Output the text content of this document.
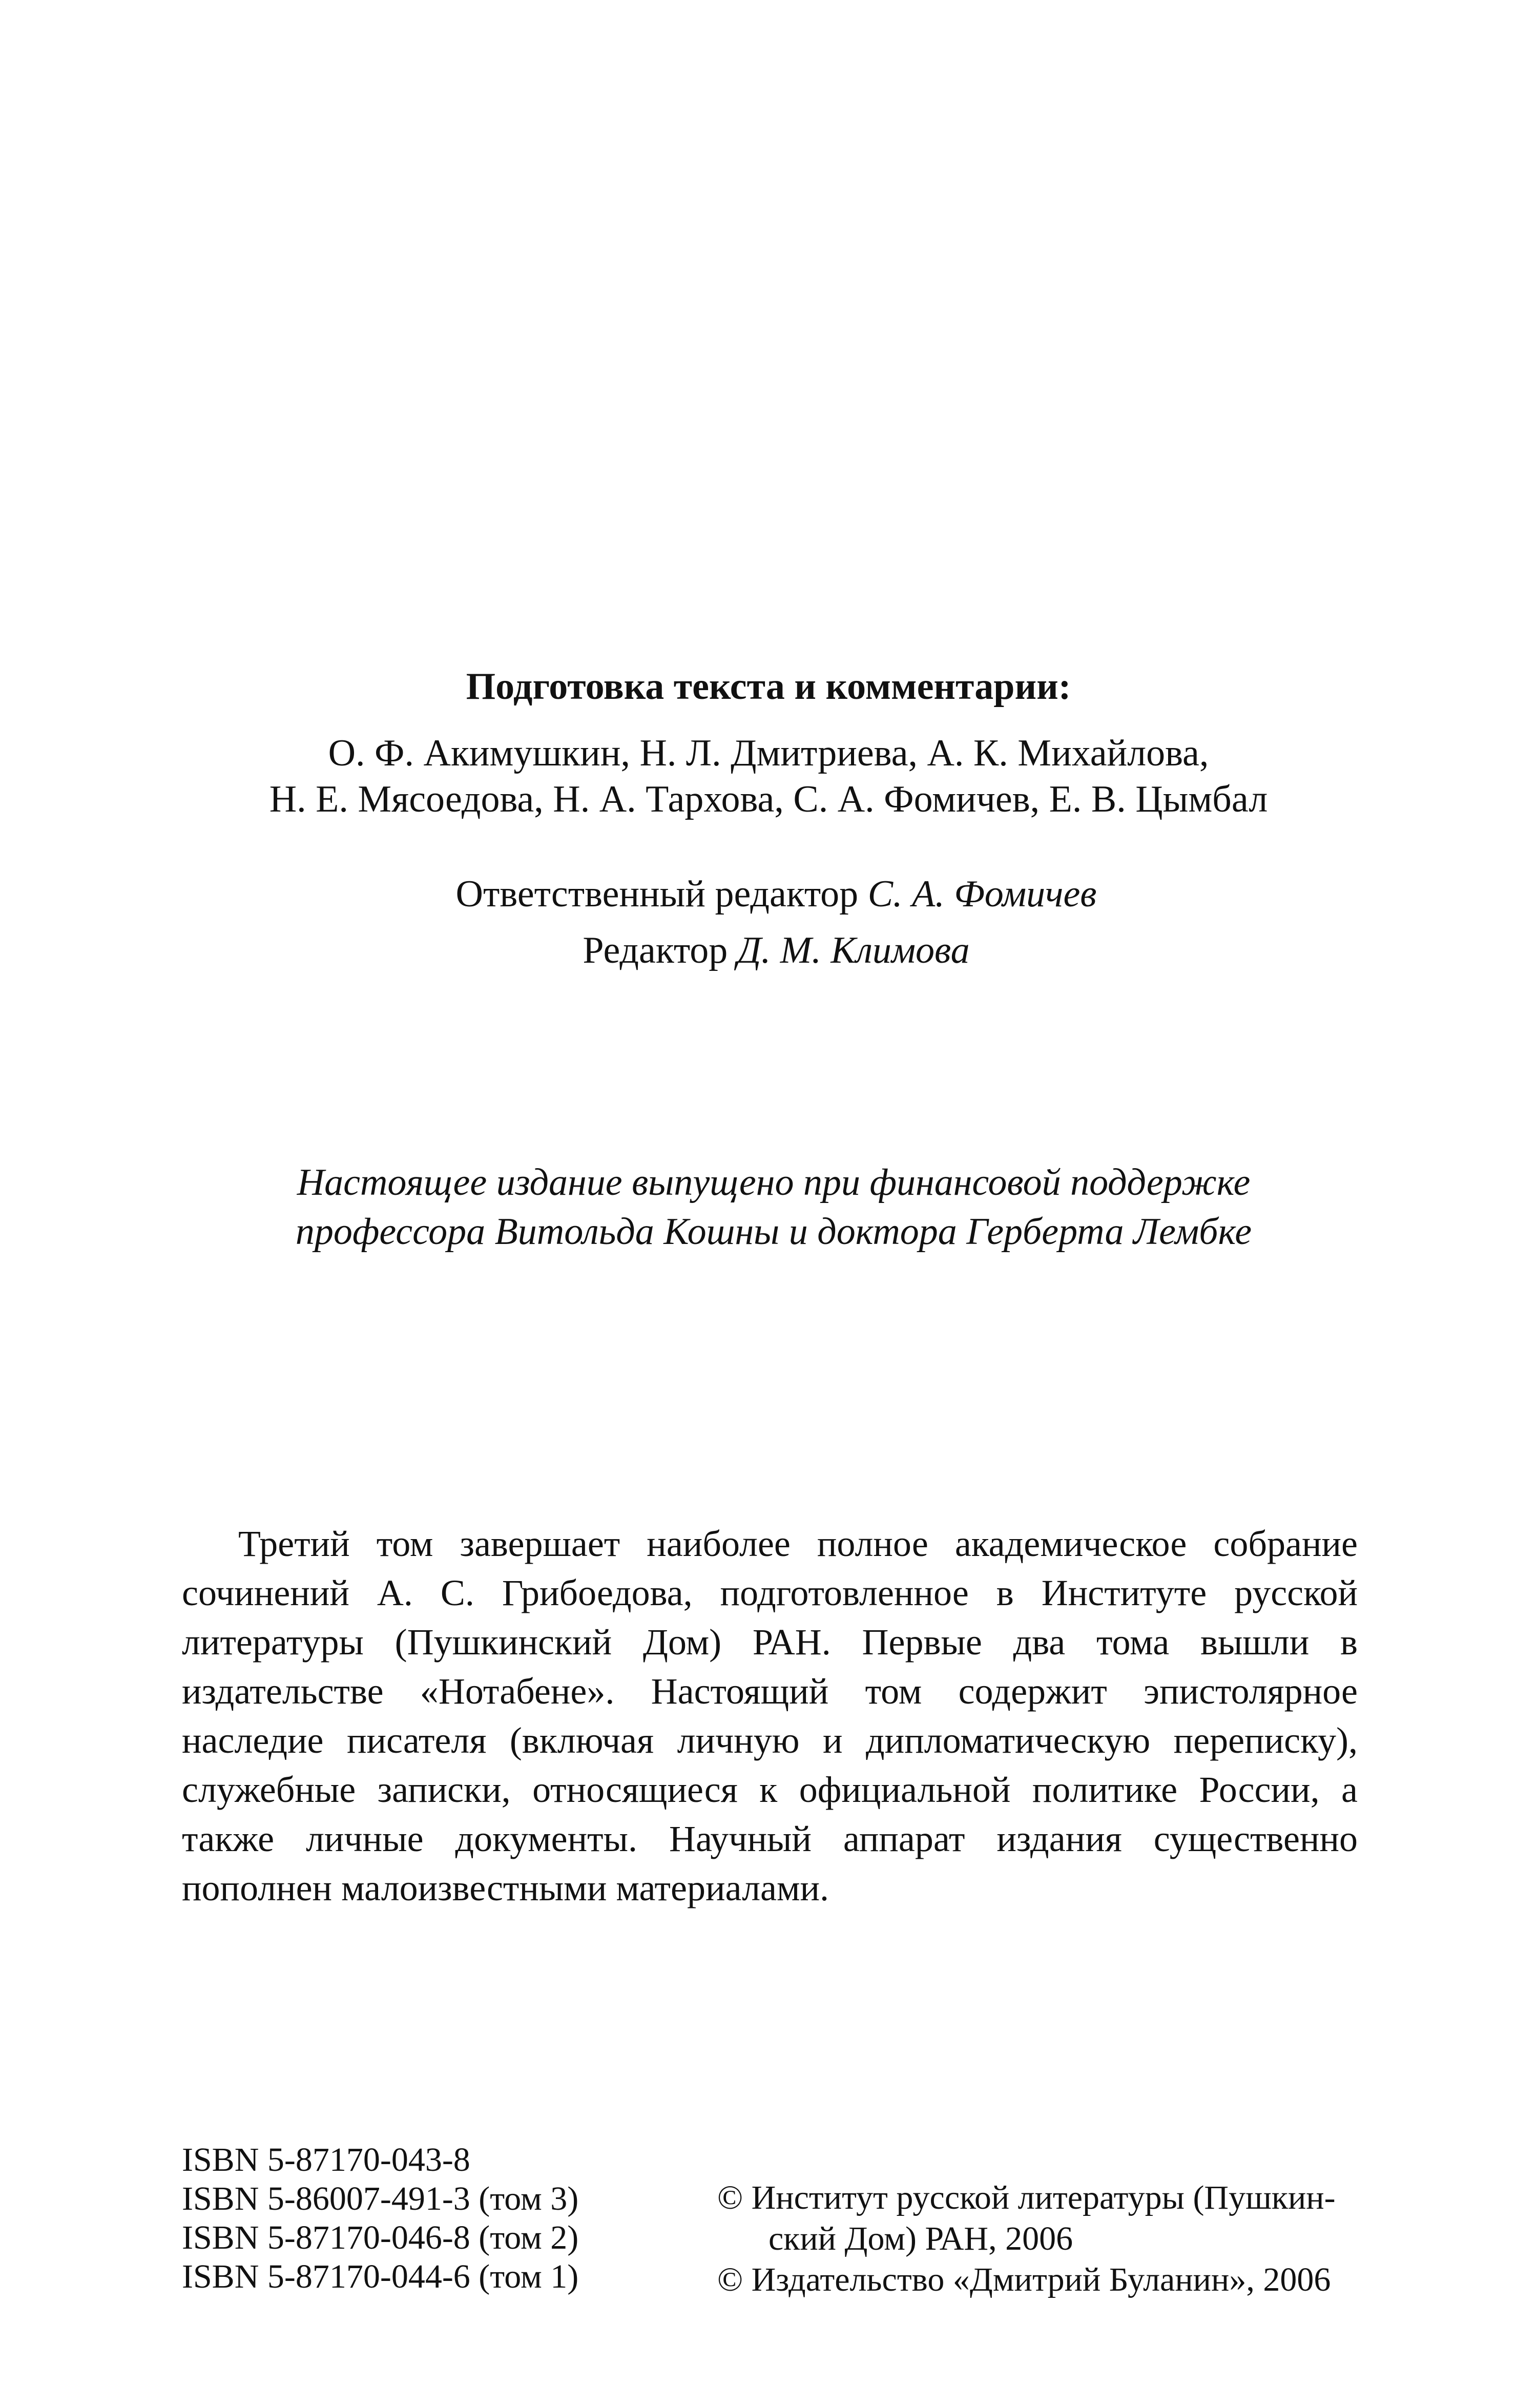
Подготовка текста и комментарии:
О. Ф. Акимушкин, Н. Л. Дмитриева, А. К. Михайлова,
Н. Е. Мясоедова, Н. А. Тархова, С. А. Фомичев, Е. В. Цымбал
Ответственный редактор С. А. Фомичев
Редактор Д. М. Климова
Настоящее издание выпущено при финансовой поддержке
профессора Витольда Кошны и доктора Герберта Лембке
Третий том завершает наиболее полное академическое собрание
сочинений А. С. Грибоедова, подготовленное в Институте русской
литературы (Пушкинский Дом) РАН. Первые два тома вышли в
издательстве «Нотабене». Настоящий том содержит эпистолярное
наследие писателя (включая личную и дипломатическую переписку),
служебные записки, относящиеся к официальной политике России, а
также личные документы. Научный аппарат издания существенно
пополнен малоизвестными материалами.
ISBN 5-87170-043-8
ISBN 5-86007-491-3 (том 3)
ISBN 5-87170-046-8 (том 2)
ISBN 5-87170-044-6 (том 1)
© Институт русской литературы (Пушкин-
ский Дом) РАН, 2006
© Издательство «Дмитрий Буланин», 2006
